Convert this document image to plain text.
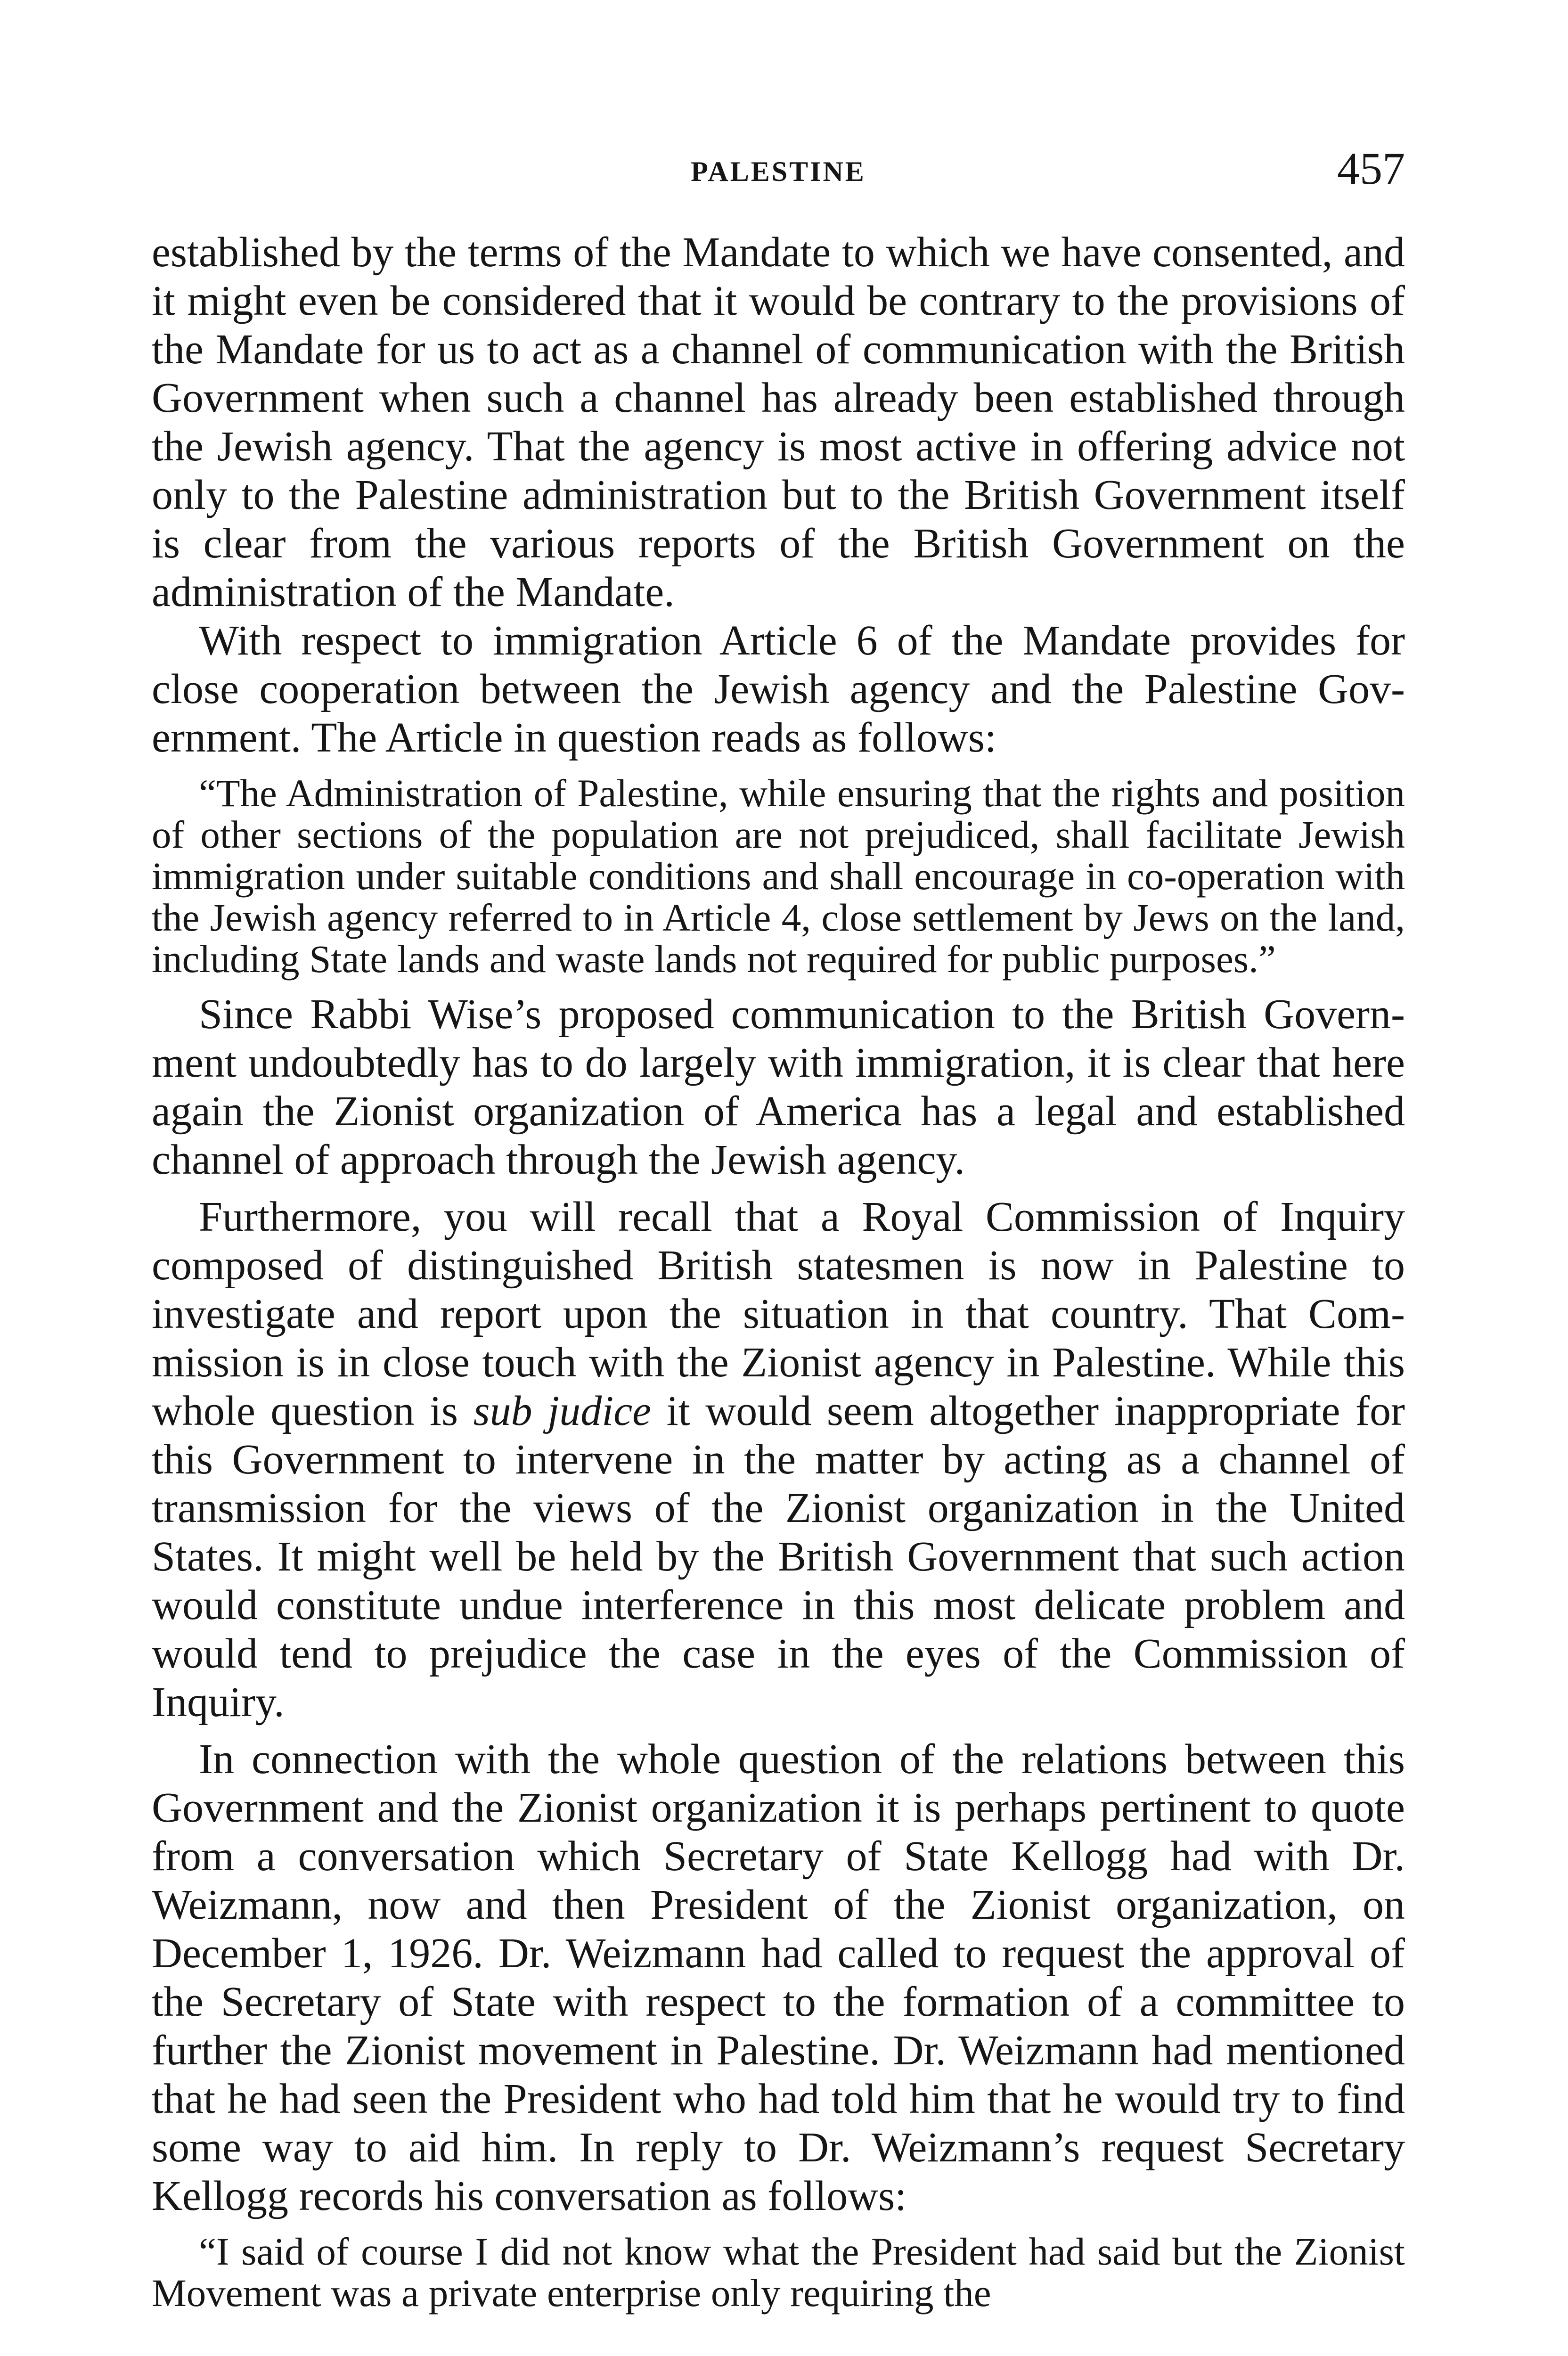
PALESTINE	457

established by the terms of the Mandate to which we have consented, and it might even be considered that it would be contrary to the provisions of the Mandate for us to act as a channel of communication with the British Government when such a channel has already been established through the Jewish agency. That the agency is most active in offering advice not only to the Palestine administration but to the British Government itself is clear from the various reports of the British Government on the administration of the Mandate.

With respect to immigration Article 6 of the Mandate provides for close cooperation between the Jewish agency and the Palestine Government. The Article in question reads as follows:

“The Administration of Palestine, while ensuring that the rights and position of other sections of the population are not prejudiced, shall facilitate Jewish immigration under suitable conditions and shall encourage in co-operation with the Jewish agency referred to in Article 4, close settlement by Jews on the land, including State lands and waste lands not required for public purposes.”

Since Rabbi Wise’s proposed communication to the British Government undoubtedly has to do largely with immigration, it is clear that here again the Zionist organization of America has a legal and established channel of approach through the Jewish agency.

Furthermore, you will recall that a Royal Commission of Inquiry composed of distinguished British statesmen is now in Palestine to investigate and report upon the situation in that country. That Commission is in close touch with the Zionist agency in Palestine. While this whole question is sub judice it would seem altogether inappropriate for this Government to intervene in the matter by acting as a channel of transmission for the views of the Zionist organization in the United States. It might well be held by the British Government that such action would constitute undue interference in this most delicate problem and would tend to prejudice the case in the eyes of the Commission of Inquiry.

In connection with the whole question of the relations between this Government and the Zionist organization it is perhaps pertinent to quote from a conversation which Secretary of State Kellogg had with Dr. Weizmann, now and then President of the Zionist organization, on December 1, 1926. Dr. Weizmann had called to request the approval of the Secretary of State with respect to the formation of a committee to further the Zionist movement in Palestine. Dr. Weizmann had mentioned that he had seen the President who had told him that he would try to find some way to aid him. In reply to Dr. Weizmann’s request Secretary Kellogg records his conversation as follows:

“I said of course I did not know what the President had said but the Zionist Movement was a private enterprise only requiring the
